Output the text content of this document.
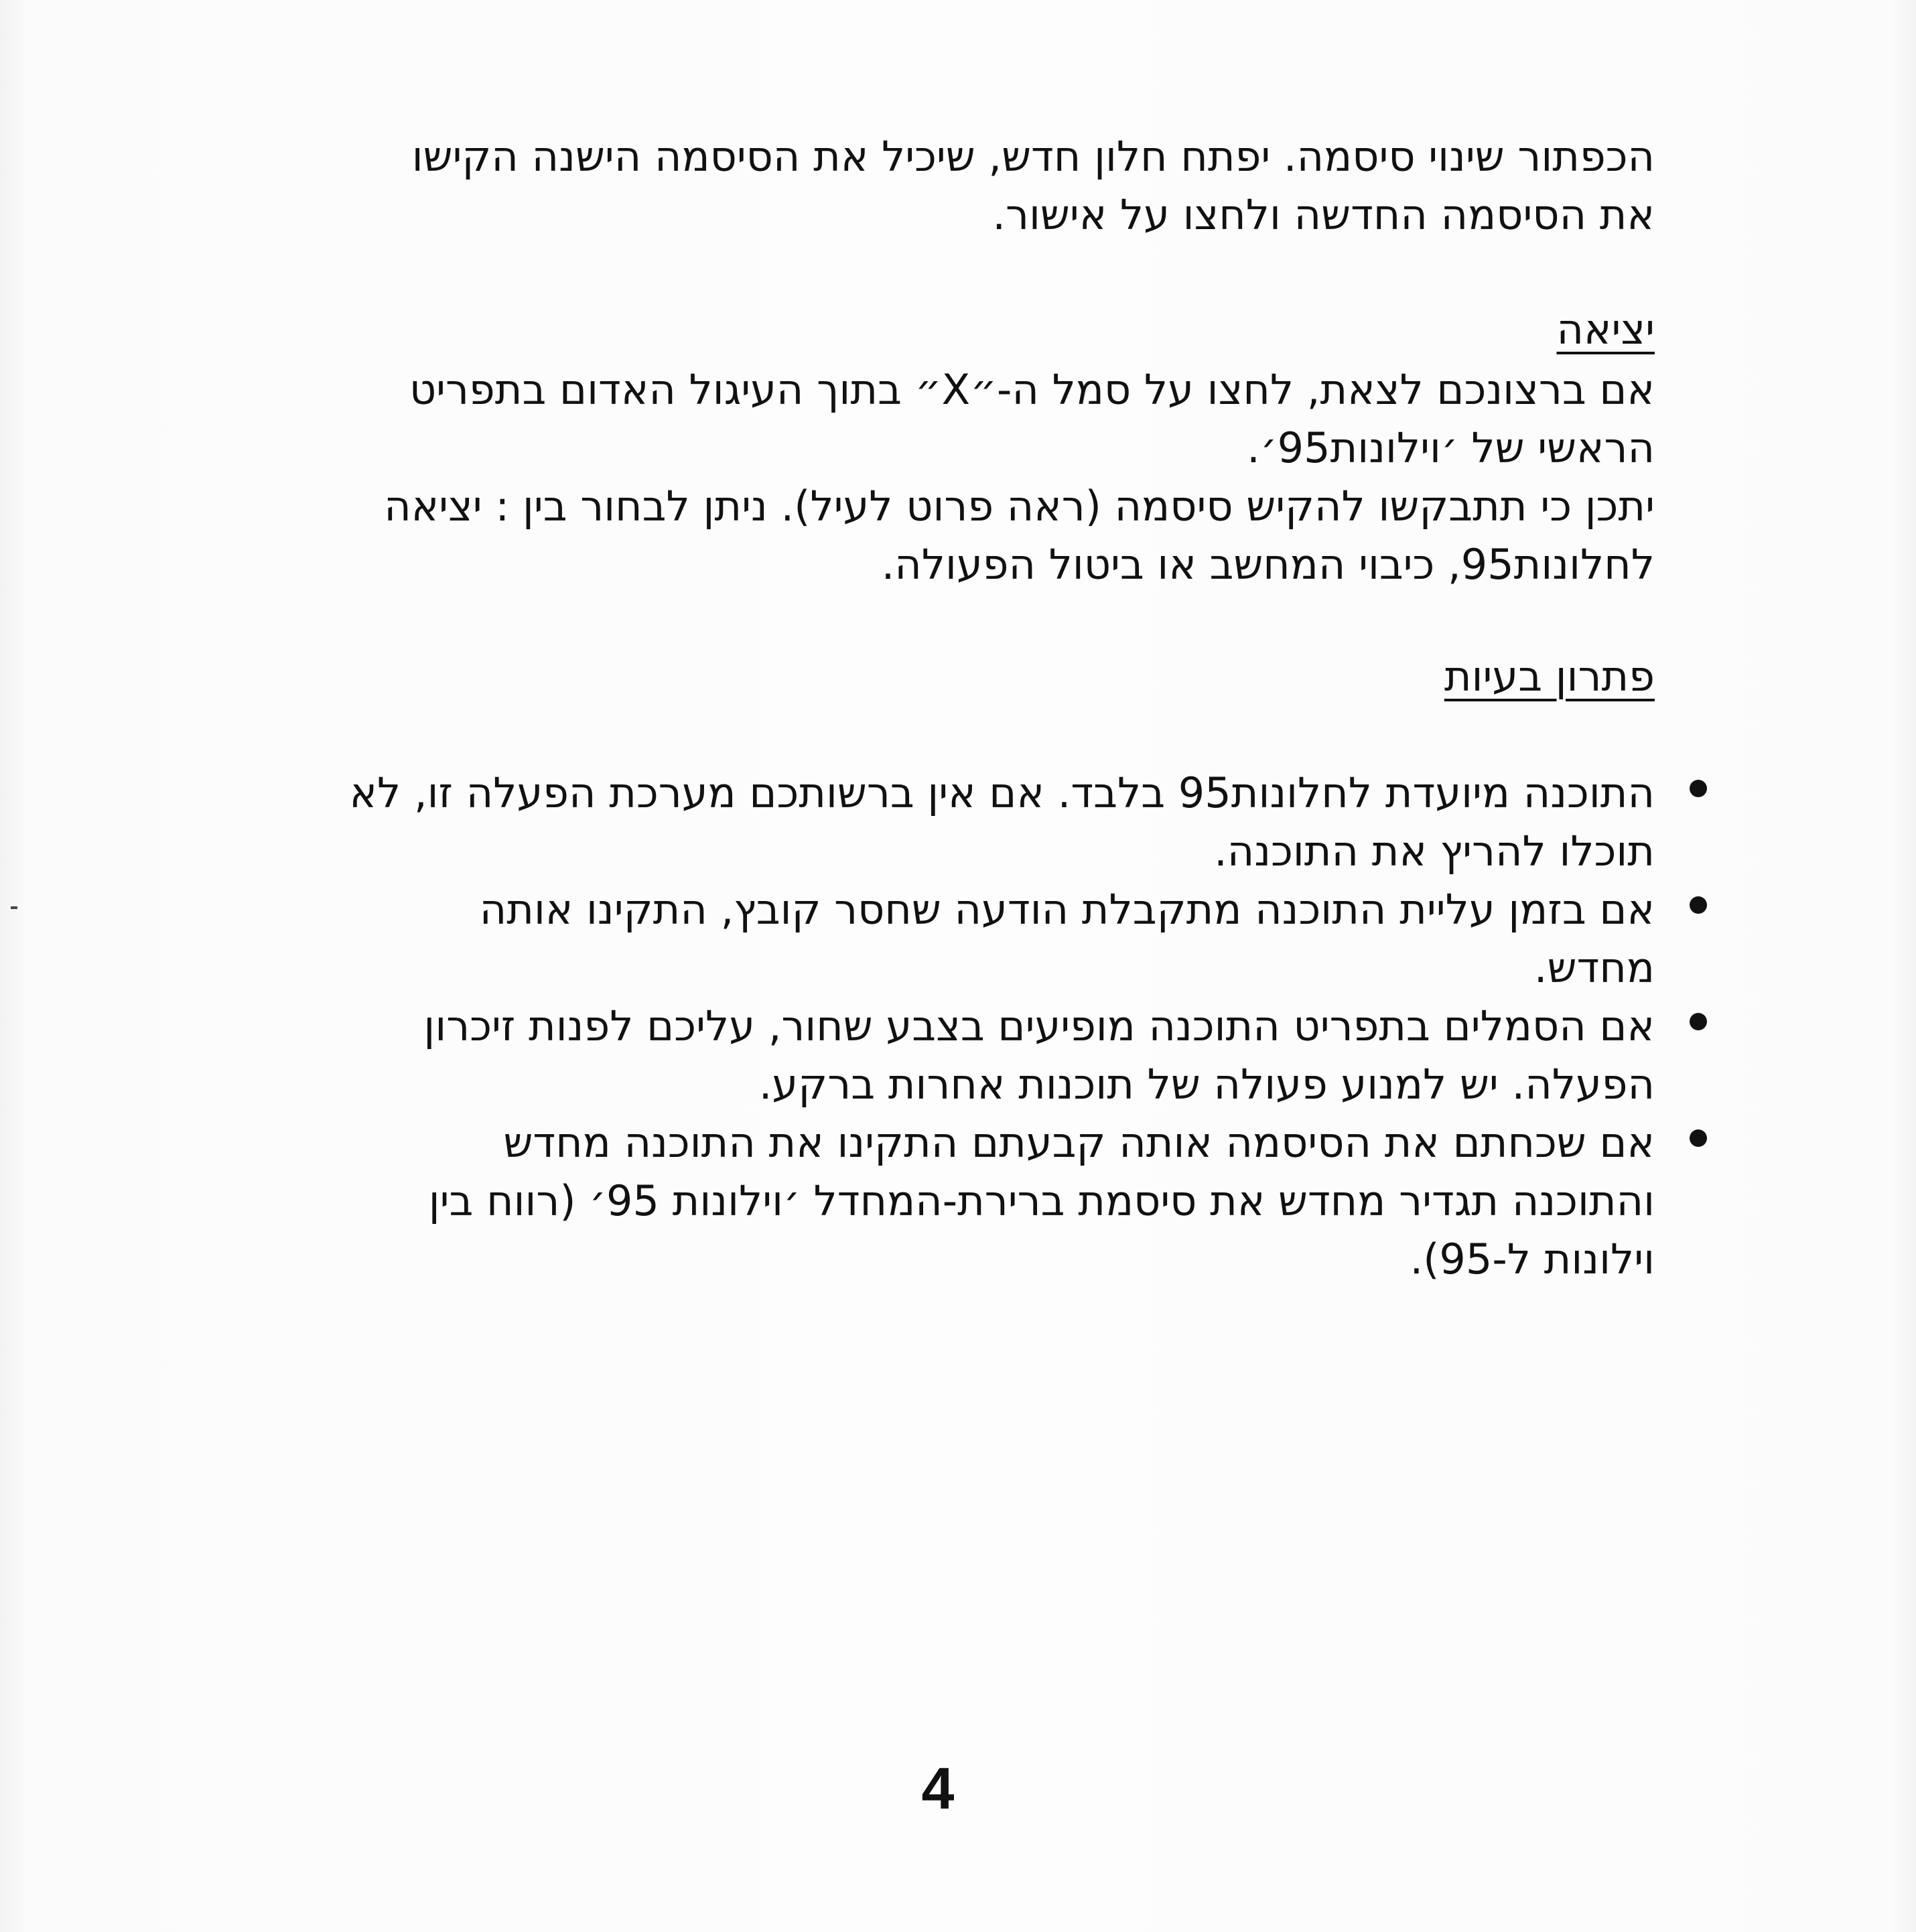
הכפתור שינוי סיסמה. יפתח חלון חדש, שיכיל את הסיסמה הישנה הקישו

את הסיסמה החדשה ולחצו על אישור.

יציאה

אם ברצונכם לצאת, לחצו על סמל ה-״X״ בתוך העיגול האדום בתפריט

הראשי של ׳וילונות95׳.

יתכן כי תתבקשו להקיש סיסמה (ראה פרוט לעיל). ניתן לבחור בין : יציאה

לחלונות95, כיבוי המחשב או ביטול הפעולה.

פתרון בעיות

התוכנה מיועדת לחלונות95 בלבד. אם אין ברשותכם מערכת הפעלה זו, לא

תוכלו להריץ את התוכנה.

אם בזמן עליית התוכנה מתקבלת הודעה שחסר קובץ, התקינו אותה

מחדש.

אם הסמלים בתפריט התוכנה מופיעים בצבע שחור, עליכם לפנות זיכרון

הפעלה. יש למנוע פעולה של תוכנות אחרות ברקע.

אם שכחתם את הסיסמה אותה קבעתם התקינו את התוכנה מחדש

והתוכנה תגדיר מחדש את סיסמת ברירת-המחדל ׳וילונות 95׳ (רווח בין

וילונות ל-95).

4
